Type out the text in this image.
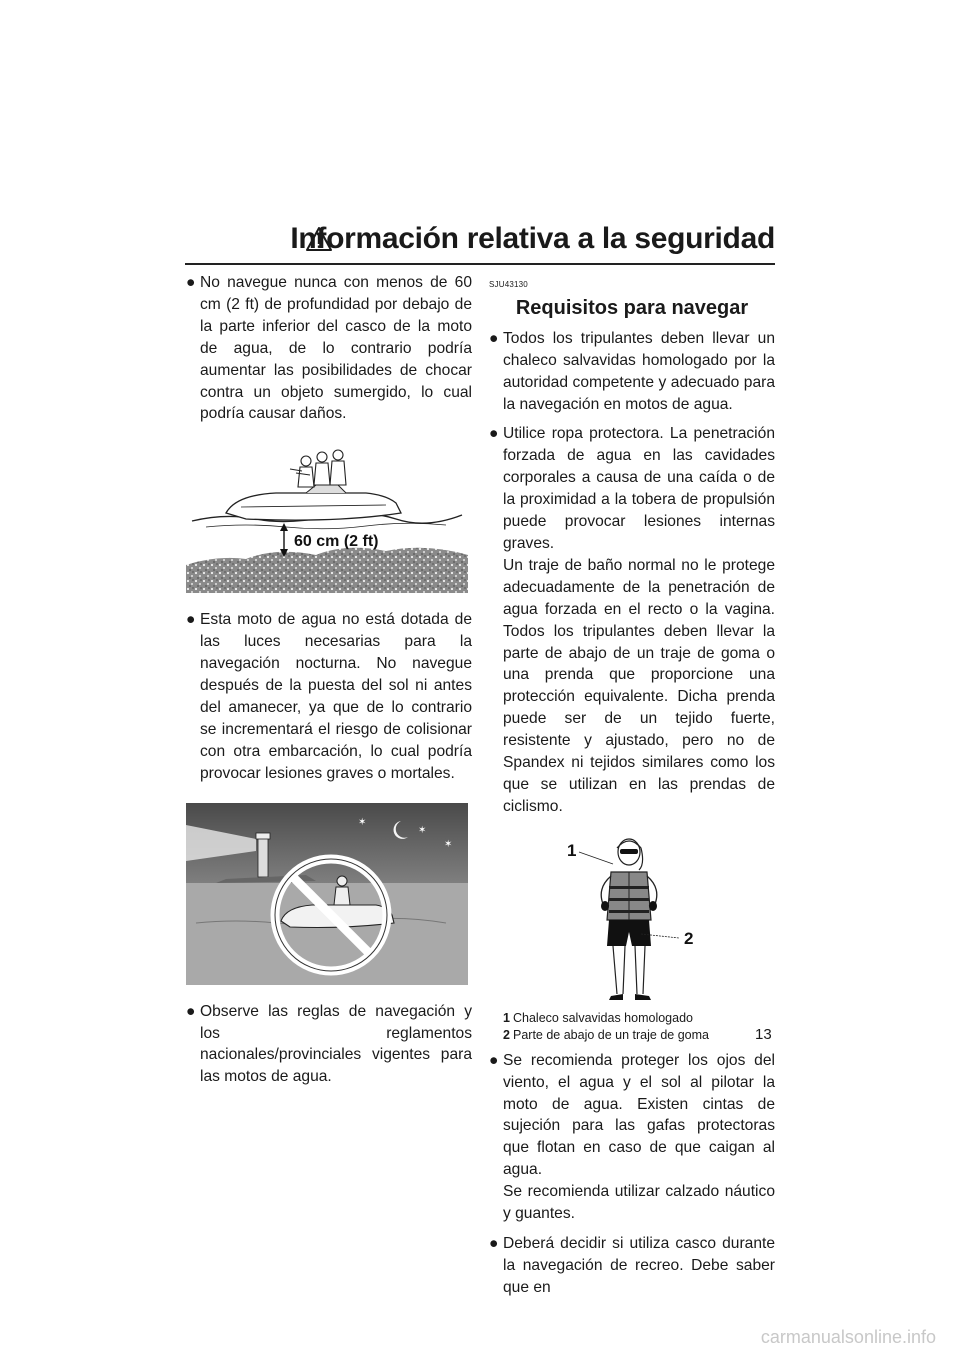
Información relativa a la seguridad
● No navegue nunca con menos de 60 cm (2 ft) de profundidad por debajo de la parte inferior del casco de la moto de agua, de lo contrario podría aumentar las posibilidades de chocar contra un objeto sumergido, lo cual podría causar daños.

60 cm (2 ft)
● Esta moto de agua no está dotada de las luces necesarias para la navegación nocturna. No navegue después de la puesta del sol ni antes del amanecer, ya que de lo contrario se incrementará el riesgo de colisionar con otra embarcación, lo cual podría provocar lesiones graves o mortales.

✶
✶
✶
● Observe las reglas de navegación y los reglamentos nacionales/provinciales vigentes para las motos de agua.

SJU43130
Requisitos para navegar
● Todos los tripulantes deben llevar un chaleco salvavidas homologado por la autoridad competente y adecuado para la navegación en motos de agua.

● Utilice ropa protectora. La penetración forzada de agua en las cavidades corporales a causa de una caída o de la proximidad a la tobera de propulsión puede provocar lesiones internas graves.

Un traje de baño normal no le protege adecuadamente de la penetración de agua forzada en el recto o la vagina. Todos los tripulantes deben llevar la parte de abajo de un traje de goma o una prenda que proporcione una protección equivalente. Dicha prenda puede ser de un tejido fuerte, resistente y ajustado, pero no de Spandex ni tejidos similares como los que se utilizan en las prendas de ciclismo.

1
2
1 Chaleco salvavidas homologado
2 Parte de abajo de un traje de goma
● Se recomienda proteger los ojos del viento, el agua y el sol al pilotar la moto de agua. Existen cintas de sujeción para las gafas protectoras que flotan en caso de que caigan al agua.

Se recomienda utilizar calzado náutico y guantes.

● Deberá decidir si utiliza casco durante la navegación de recreo. Debe saber que en

13
carmanualsonline.info
